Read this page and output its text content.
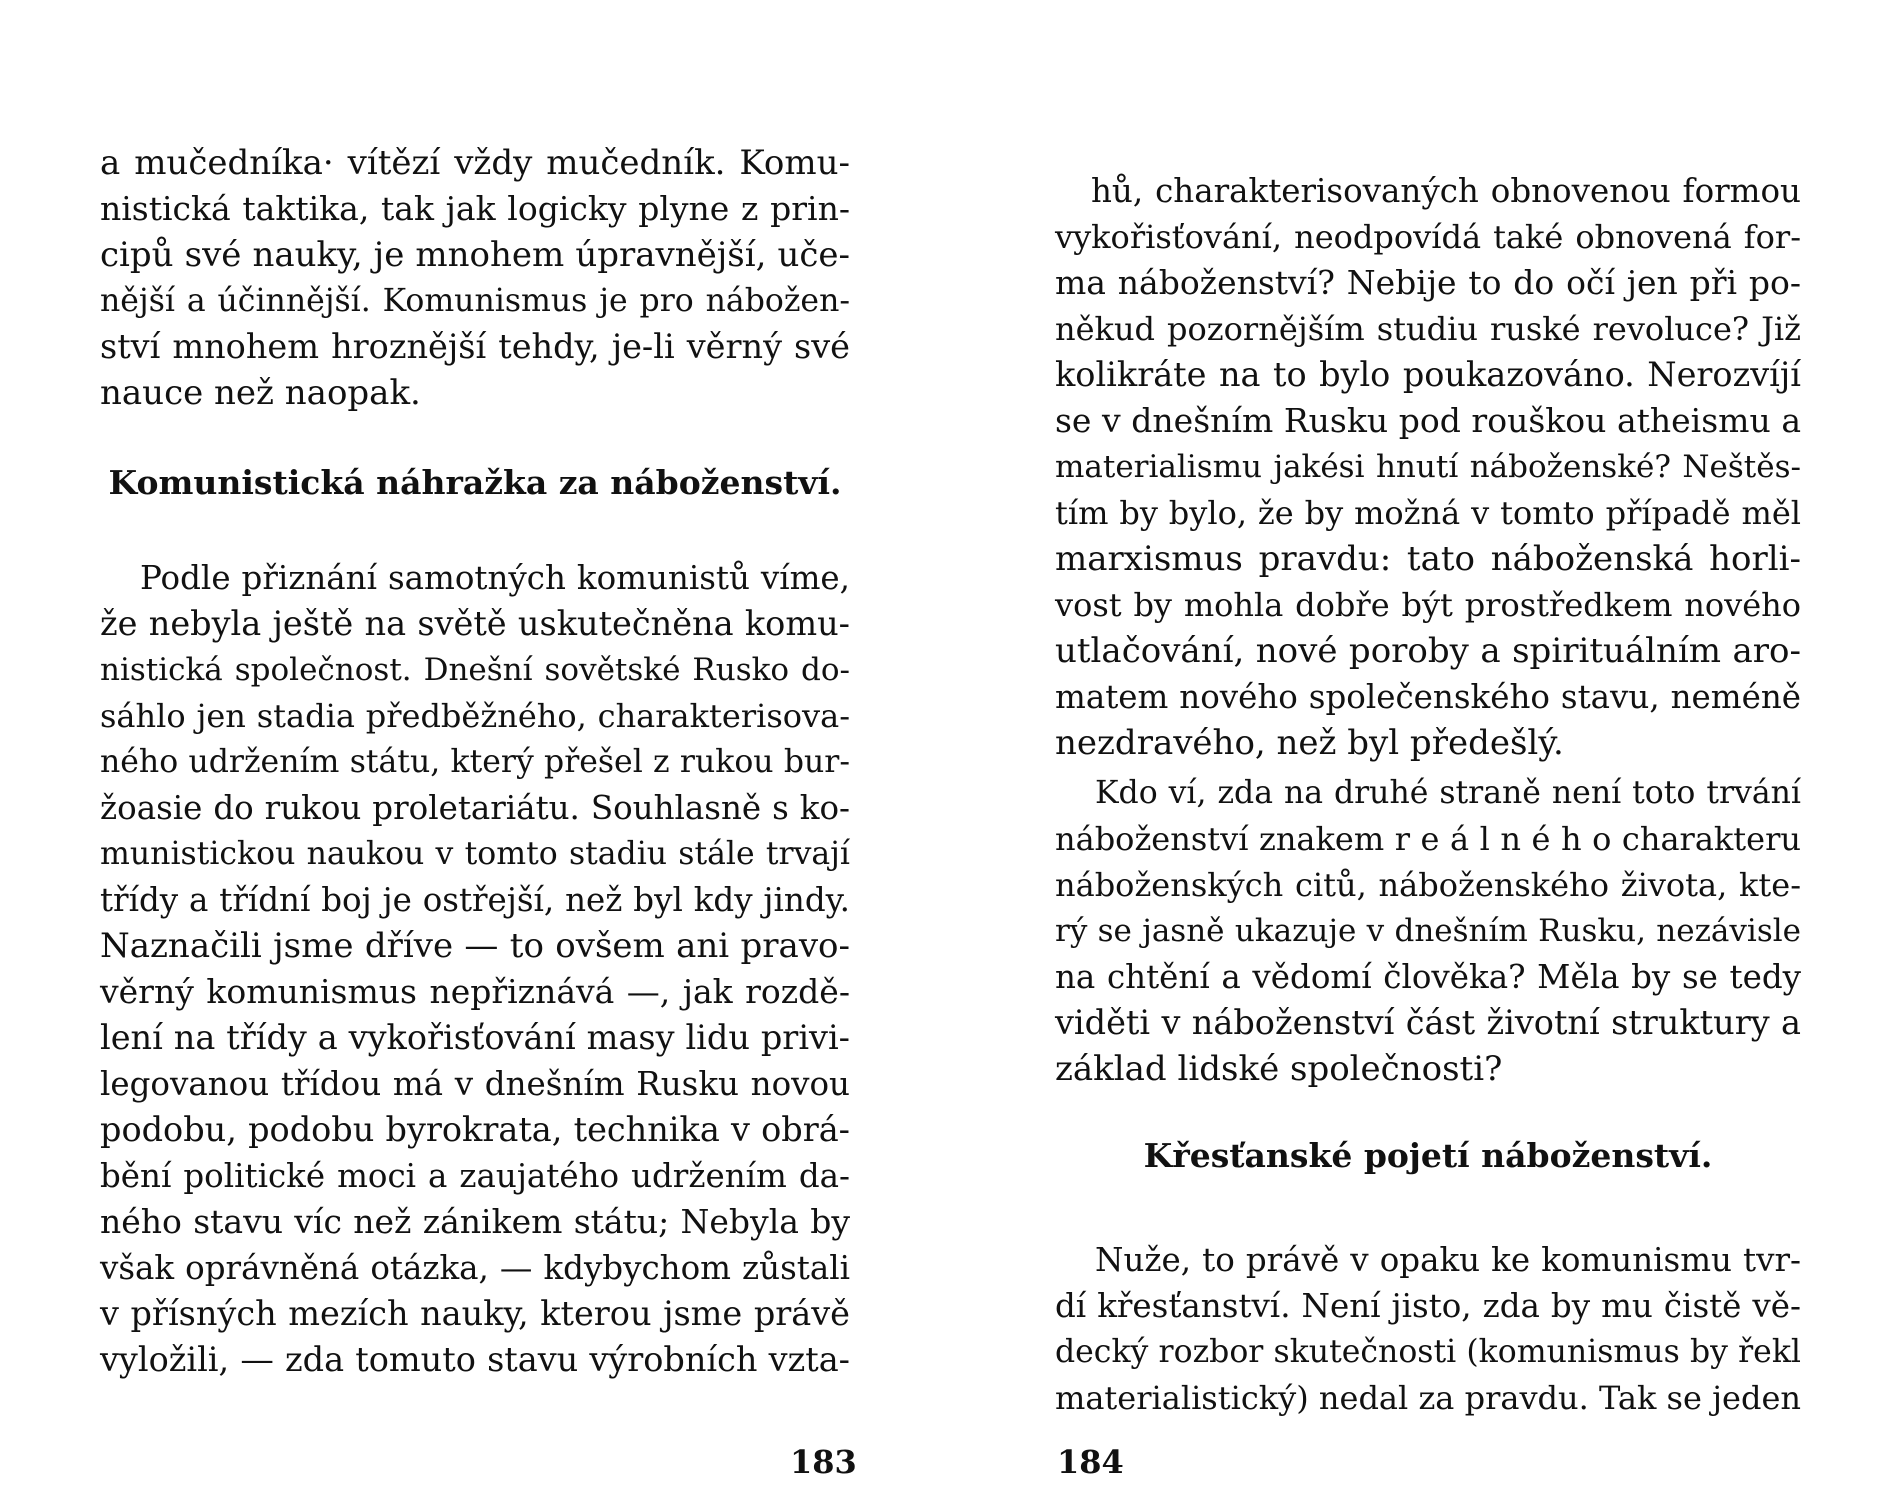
a mučedníka· vítězí vždy mučedník. Komu-
nistická taktika, tak jak logicky plyne z prin-
cipů své nauky, je mnohem úpravnější, uče-
nější a účinnější. Komunismus je pro nábožen-
ství mnohem hroznější tehdy, je-li věrný své
nauce než naopak.
Komunistická náhražka za náboženství.
Podle přiznání samotných komunistů víme,
že nebyla ještě na světě uskutečněna komu-
nistická společnost. Dnešní sovětské Rusko do-
sáhlo jen stadia předběžného, charakterisova-
ného udržením státu, který přešel z rukou bur-
žoasie do rukou proletariátu. Souhlasně s ko-
munistickou naukou v tomto stadiu stále trvají
třídy a třídní boj je ostřejší, než byl kdy jindy.
Naznačili jsme dříve — to ovšem ani pravo-
věrný komunismus nepřiznává —, jak rozdě-
lení na třídy a vykořisťování masy lidu privi-
legovanou třídou má v dnešním Rusku novou
podobu, podobu byrokrata, technika v obrá-
bění politické moci a zaujatého udržením da-
ného stavu víc než zánikem státu; Nebyla by
však oprávněná otázka, — kdybychom zůstali
v přísných mezích nauky, kterou jsme právě
vyložili, — zda tomuto stavu výrobních vzta-
183
hů, charakterisovaných obnovenou formou
vykořisťování, neodpovídá také obnovená for-
ma náboženství? Nebije to do očí jen při po-
někud pozornějším studiu ruské revoluce? Již
kolikráte na to bylo poukazováno. Nerozvíjí
se v dnešním Rusku pod rouškou atheismu a
materialismu jakési hnutí náboženské? Neštěs-
tím by bylo, že by možná v tomto případě měl
marxismus pravdu: tato náboženská horli-
vost by mohla dobře být prostředkem nového
utlačování, nové poroby a spirituálním aro-
matem nového společenského stavu, neméně
nezdravého, než byl předešlý.
Kdo ví, zda na druhé straně není toto trvání
náboženství znakem r e á l n é h o charakteru
náboženských citů, náboženského života, kte-
rý se jasně ukazuje v dnešním Rusku, nezávisle
na chtění a vědomí člověka? Měla by se tedy
viděti v náboženství část životní struktury a
základ lidské společnosti?
Křesťanské pojetí náboženství.
Nuže, to právě v opaku ke komunismu tvr-
dí křesťanství. Není jisto, zda by mu čistě vě-
decký rozbor skutečnosti (komunismus by řekl
materialistický) nedal za pravdu. Tak se jeden
184
